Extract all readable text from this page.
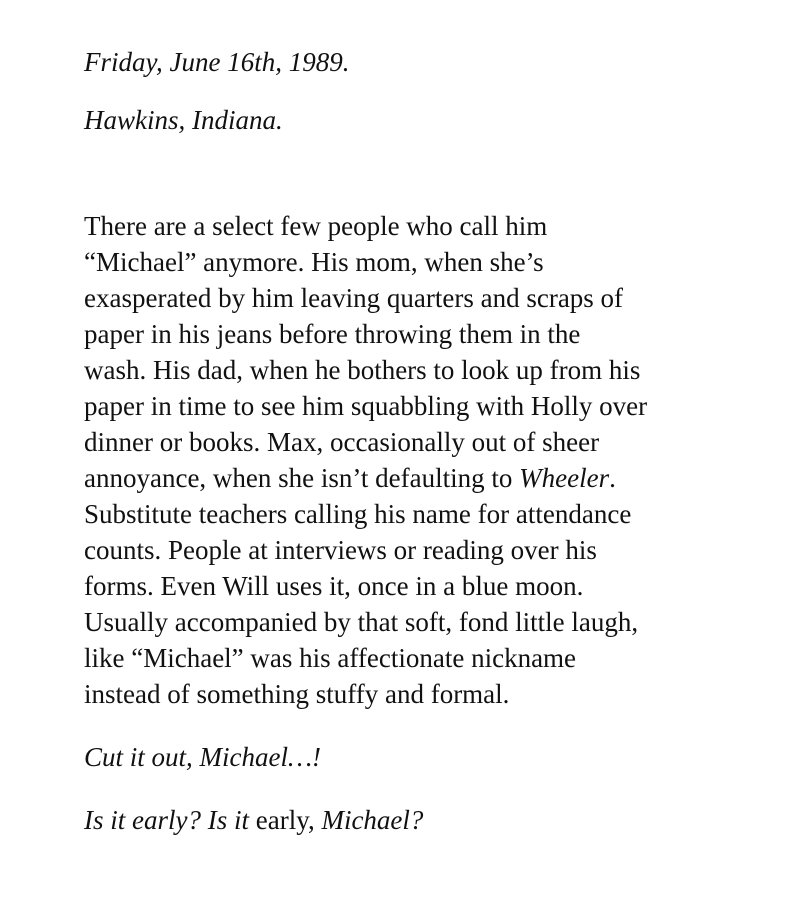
Friday, June 16th, 1989.

Hawkins, Indiana.

There are a select few people who call him

“Michael” anymore. His mom, when she’s

exasperated by him leaving quarters and scraps of

paper in his jeans before throwing them in the

wash. His dad, when he bothers to look up from his

paper in time to see him squabbling with Holly over

dinner or books. Max, occasionally out of sheer

annoyance, when she isn’t defaulting to Wheeler.

Substitute teachers calling his name for attendance

counts. People at interviews or reading over his

forms. Even Will uses it, once in a blue moon.

Usually accompanied by that soft, fond little laugh,

like “Michael” was his affectionate nickname

instead of something stuffy and formal.

Cut it out, Michael…!

Is it early? Is it early, Michael?
